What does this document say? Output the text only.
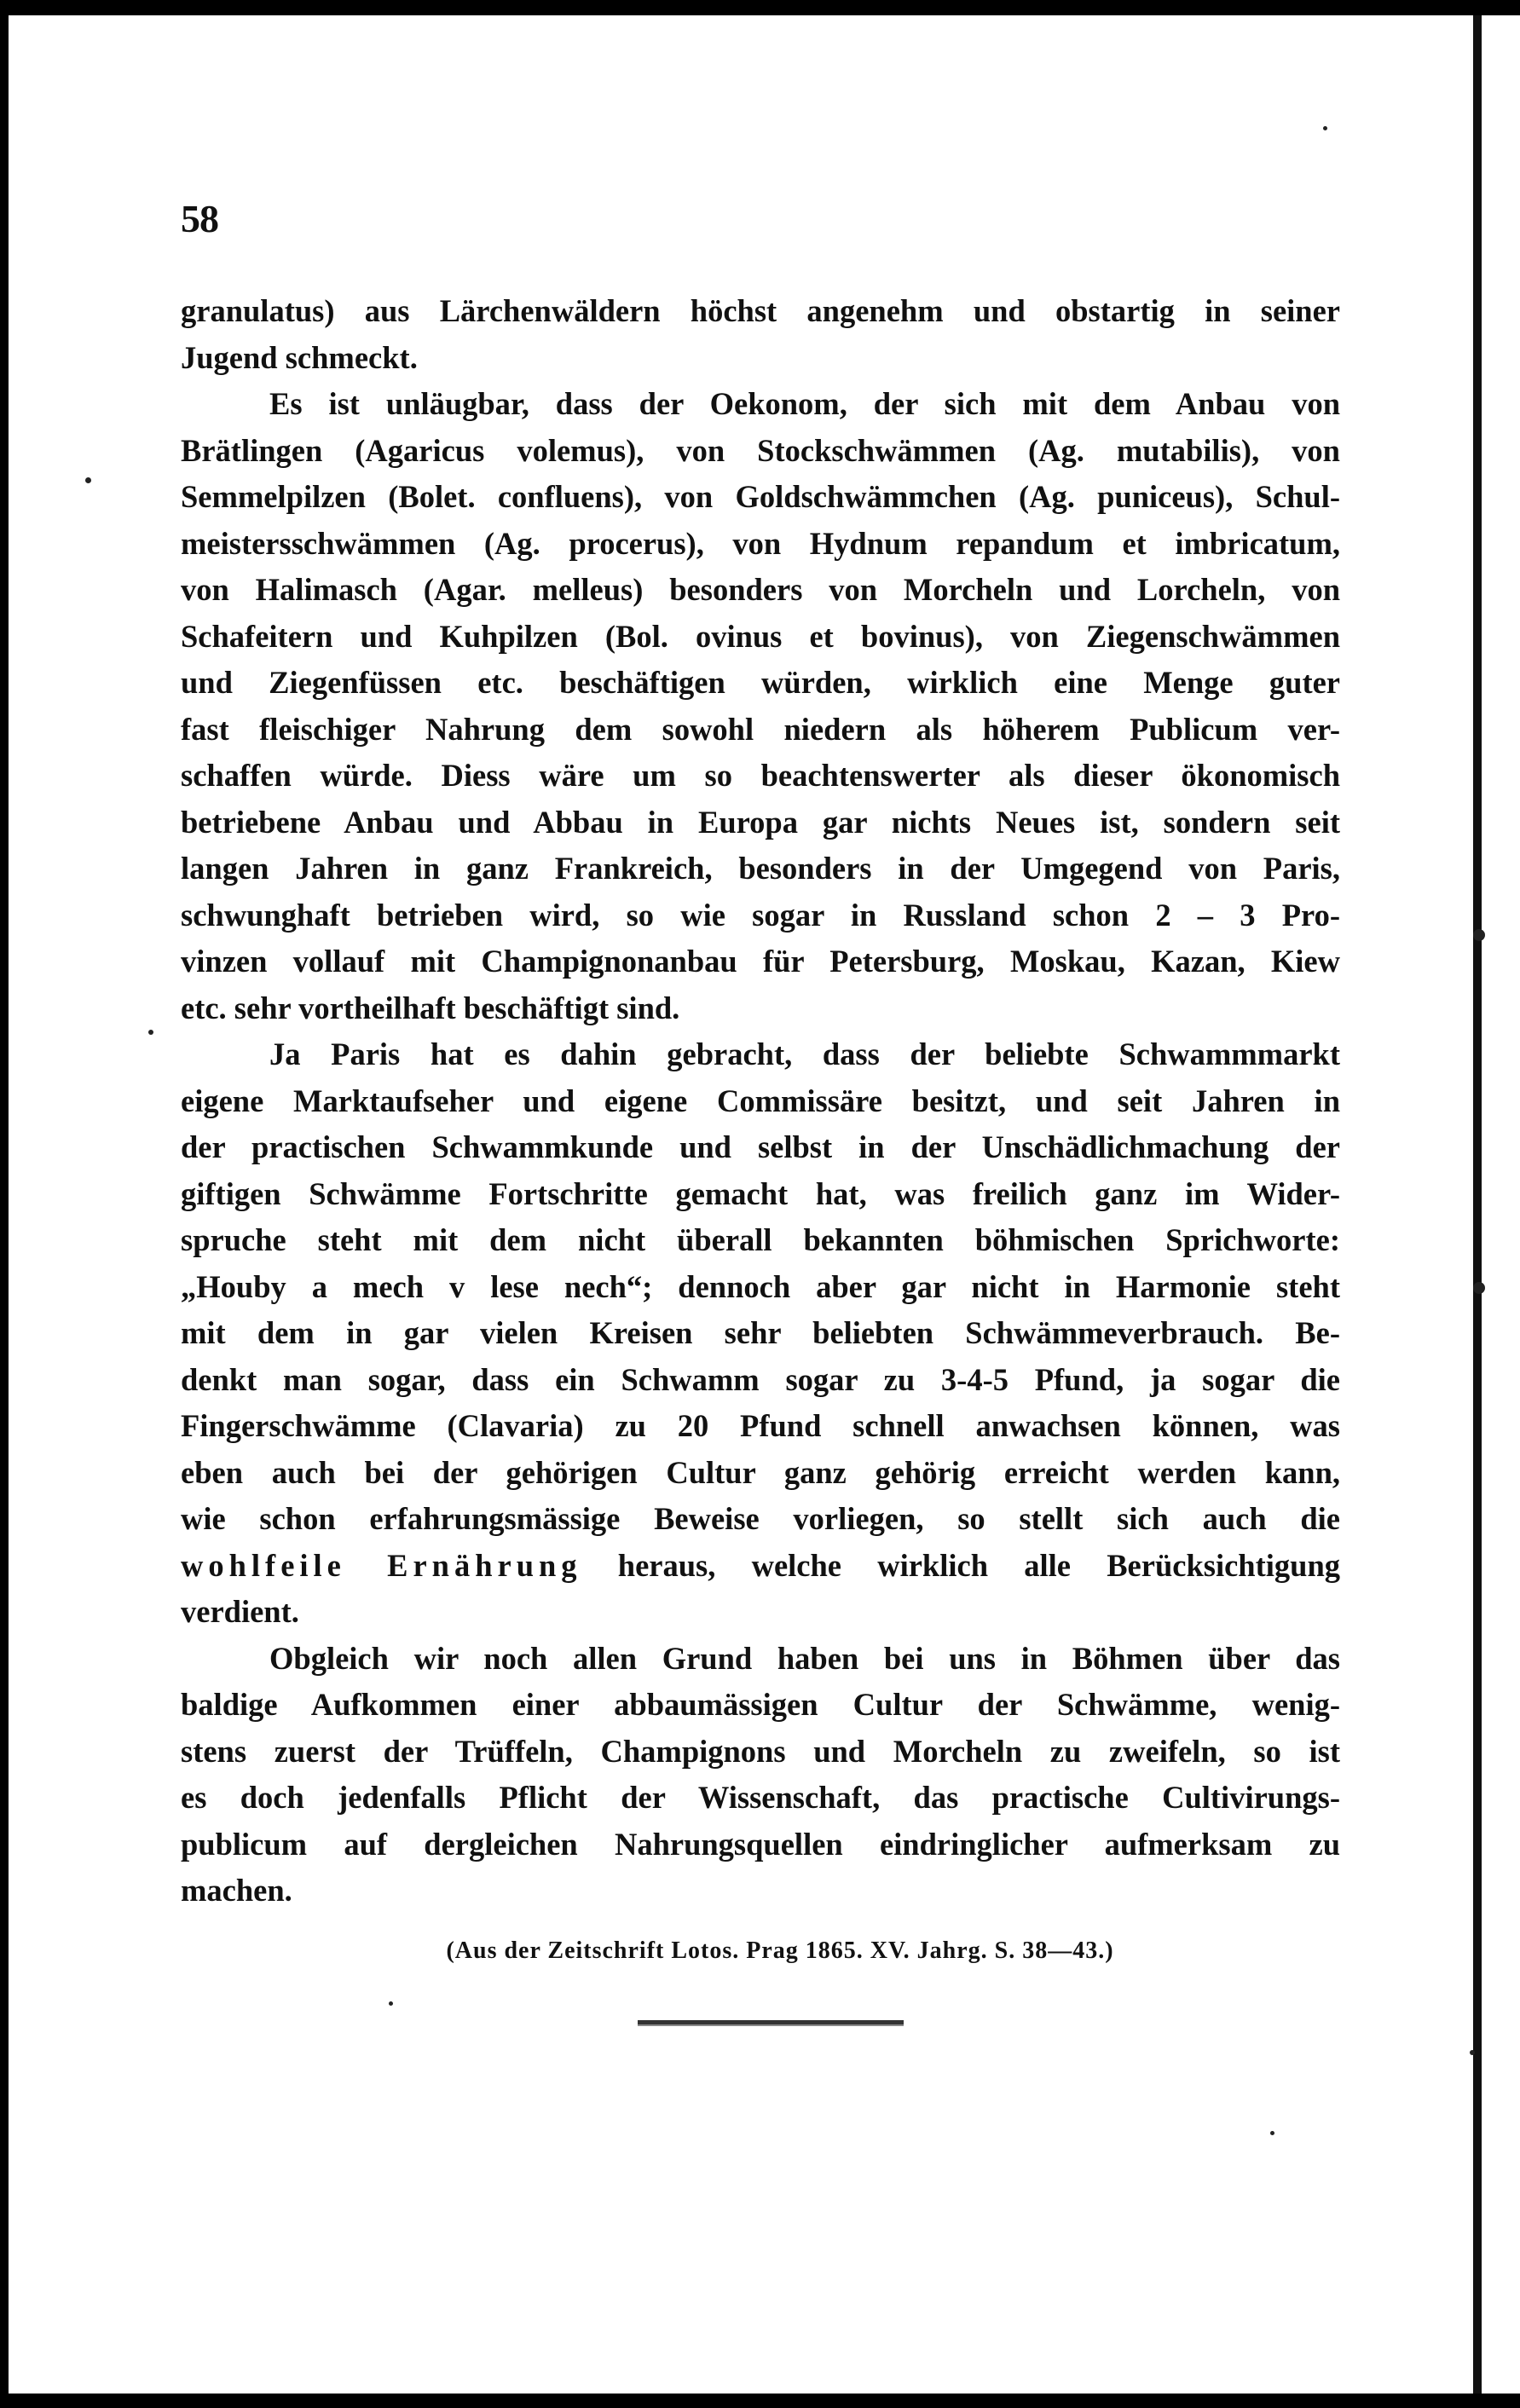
58
granulatus) aus Lärchenwäldern höchst angenehm und obstartig in seiner
Jugend schmeckt.
Es ist unläugbar, dass der Oekonom, der sich mit dem Anbau von
Brätlingen (Agaricus volemus), von Stockschwämmen (Ag. mutabilis), von
Semmelpilzen (Bolet. confluens), von Goldschwämmchen (Ag. puniceus), Schul-
meistersschwämmen (Ag. procerus), von Hydnum repandum et imbricatum,
von Halimasch (Agar. melleus) besonders von Morcheln und Lorcheln, von
Schafeitern und Kuhpilzen (Bol. ovinus et bovinus), von Ziegenschwämmen
und Ziegenfüssen etc. beschäftigen würden, wirklich eine Menge guter
fast fleischiger Nahrung dem sowohl niedern als höherem Publicum ver-
schaffen würde. Diess wäre um so beachtenswerter als dieser ökonomisch
betriebene Anbau und Abbau in Europa gar nichts Neues ist, sondern seit
langen Jahren in ganz Frankreich, besonders in der Umgegend von Paris,
schwunghaft betrieben wird, so wie sogar in Russland schon 2 – 3 Pro-
vinzen vollauf mit Champignonanbau für Petersburg, Moskau, Kazan, Kiew
etc. sehr vortheilhaft beschäftigt sind.
Ja Paris hat es dahin gebracht, dass der beliebte Schwammmarkt
eigene Marktaufseher und eigene Commissäre besitzt, und seit Jahren in
der practischen Schwammkunde und selbst in der Unschädlichmachung der
giftigen Schwämme Fortschritte gemacht hat, was freilich ganz im Wider-
spruche steht mit dem nicht überall bekannten böhmischen Sprichworte:
„Houby a mech v lese nech“; dennoch aber gar nicht in Harmonie steht
mit dem in gar vielen Kreisen sehr beliebten Schwämmeverbrauch. Be-
denkt man sogar, dass ein Schwamm sogar zu 3-4-5 Pfund, ja sogar die
Fingerschwämme (Clavaria) zu 20 Pfund schnell anwachsen können, was
eben auch bei der gehörigen Cultur ganz gehörig erreicht werden kann,
wie schon erfahrungsmässige Beweise vorliegen, so stellt sich auch die
wohlfeile Ernährung heraus, welche wirklich alle Berücksichtigung
verdient.
Obgleich wir noch allen Grund haben bei uns in Böhmen über das
baldige Aufkommen einer abbaumässigen Cultur der Schwämme, wenig-
stens zuerst der Trüffeln, Champignons und Morcheln zu zweifeln, so ist
es doch jedenfalls Pflicht der Wissenschaft, das practische Cultivirungs-
publicum auf dergleichen Nahrungsquellen eindringlicher aufmerksam zu
machen.
(Aus der Zeitschrift Lotos. Prag 1865. XV. Jahrg. S. 38—43.)
